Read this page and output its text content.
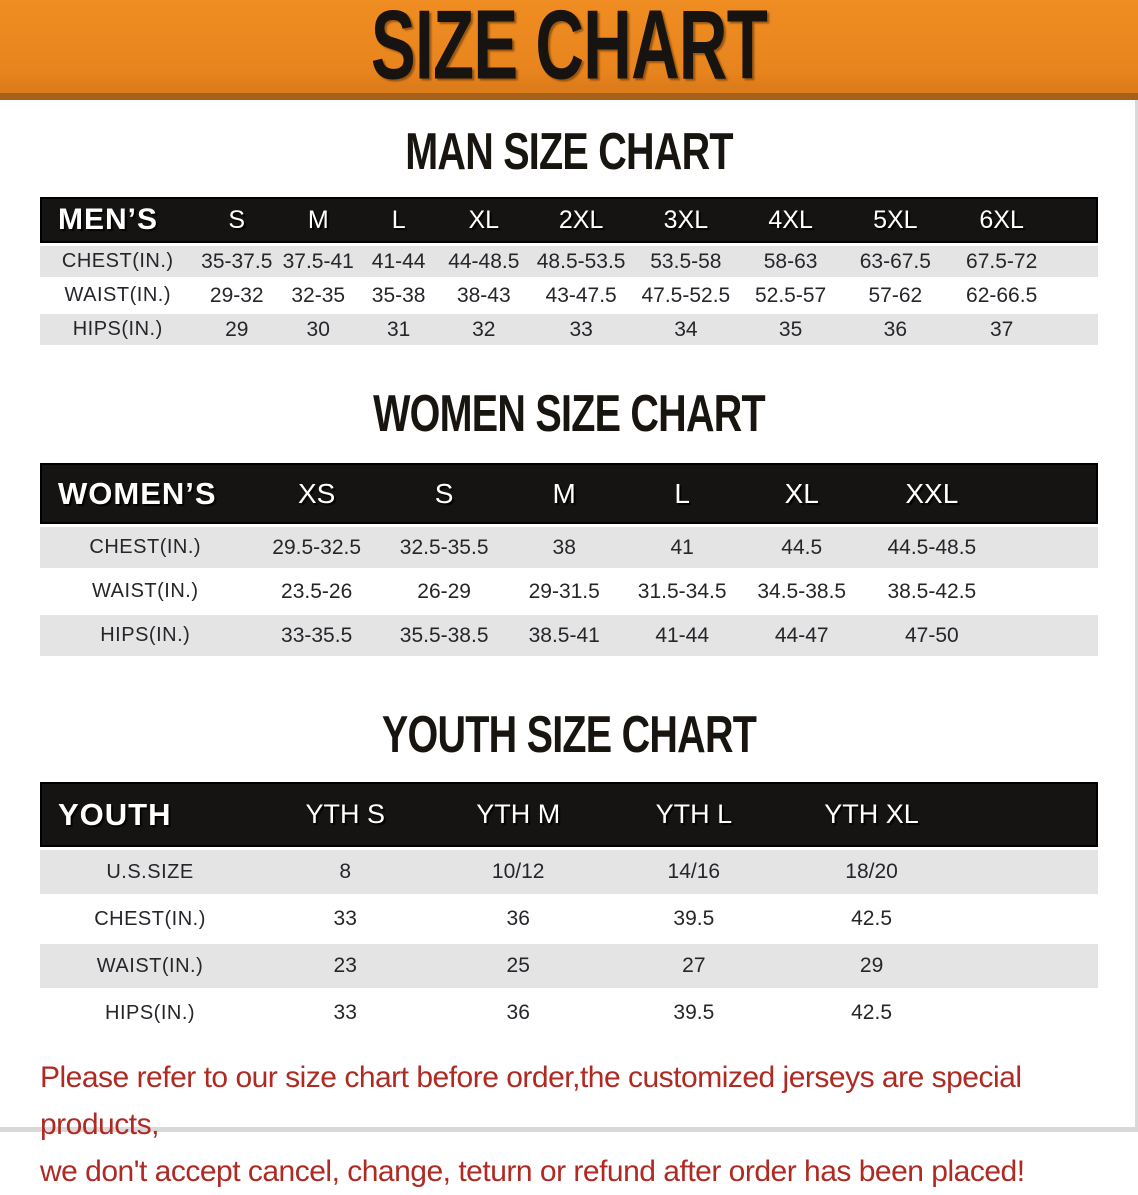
SIZE CHART
MAN SIZE CHART
MEN’S	S	M	L	XL	2XL	3XL	4XL	5XL	6XL	
CHEST(IN.)	35-37.5	37.5-41	41-44	44-48.5	48.5-53.5	53.5-58	58-63	63-67.5	67.5-72	
WAIST(IN.)	29-32	32-35	35-38	38-43	43-47.5	47.5-52.5	52.5-57	57-62	62-66.5	
HIPS(IN.)	29	30	31	32	33	34	35	36	37	
WOMEN SIZE CHART
WOMEN’S	XS	S	M	L	XL	XXL	
CHEST(IN.)	29.5-32.5	32.5-35.5	38	41	44.5	44.5-48.5	
WAIST(IN.)	23.5-26	26-29	29-31.5	31.5-34.5	34.5-38.5	38.5-42.5	
HIPS(IN.)	33-35.5	35.5-38.5	38.5-41	41-44	44-47	47-50	
YOUTH SIZE CHART
YOUTH	YTH S	YTH M	YTH L	YTH XL	
U.S.SIZE	8	10/12	14/16	18/20	
CHEST(IN.)	33	36	39.5	42.5	
WAIST(IN.)	23	25	27	29	
HIPS(IN.)	33	36	39.5	42.5	

Please refer to our size chart before order,the customized jerseys are special products,

we don't accept cancel, change, teturn or refund after order has been placed!
